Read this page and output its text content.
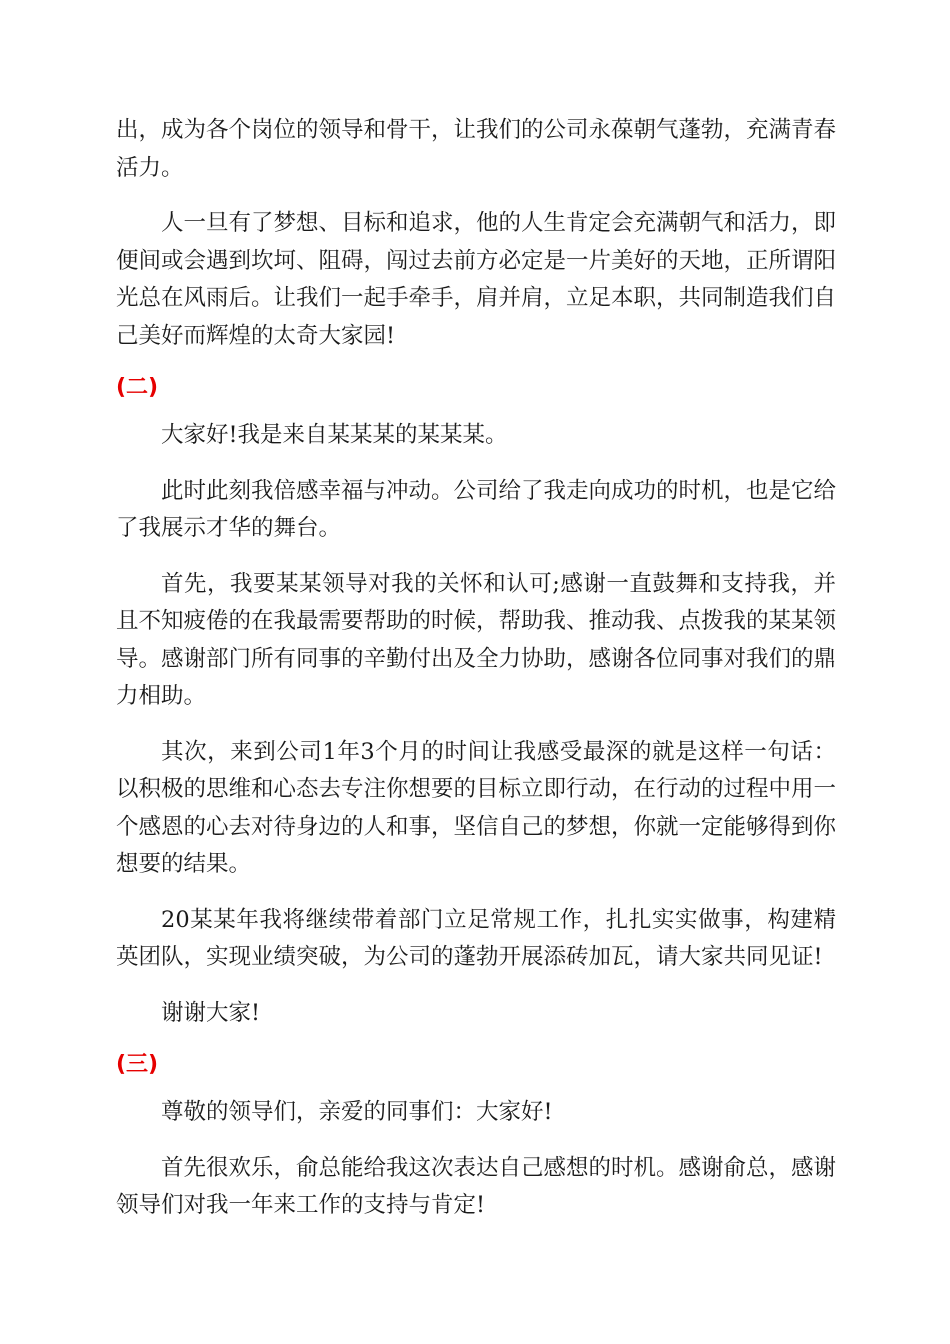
出，成为各个岗位的领导和骨干，让我们的公司永葆朝气蓬勃，充满青春活力。

人一旦有了梦想、目标和追求，他的人生肯定会充满朝气和活力，即便间或会遇到坎坷、阻碍，闯过去前方必定是一片美好的天地，正所谓阳光总在风雨后。让我们一起手牵手，肩并肩，立足本职，共同制造我们自己美好而辉煌的太奇大家园!

(二)

大家好!我是来自某某某的某某某。

此时此刻我倍感幸福与冲动。公司给了我走向成功的时机，也是它给了我展示才华的舞台。

首先，我要某某领导对我的关怀和认可;感谢一直鼓舞和支持我，并且不知疲倦的在我最需要帮助的时候，帮助我、推动我、点拨我的某某领导。感谢部门所有同事的辛勤付出及全力协助，感谢各位同事对我们的鼎力相助。

其次，来到公司1年3个月的时间让我感受最深的就是这样一句话：以积极的思维和心态去专注你想要的目标立即行动，在行动的过程中用一个感恩的心去对待身边的人和事，坚信自己的梦想，你就一定能够得到你想要的结果。

20某某年我将继续带着部门立足常规工作，扎扎实实做事，构建精英团队，实现业绩突破，为公司的蓬勃开展添砖加瓦，请大家共同见证!

谢谢大家!

(三)

尊敬的领导们，亲爱的同事们：大家好!

首先很欢乐，俞总能给我这次表达自己感想的时机。感谢俞总，感谢领导们对我一年来工作的支持与肯定!
